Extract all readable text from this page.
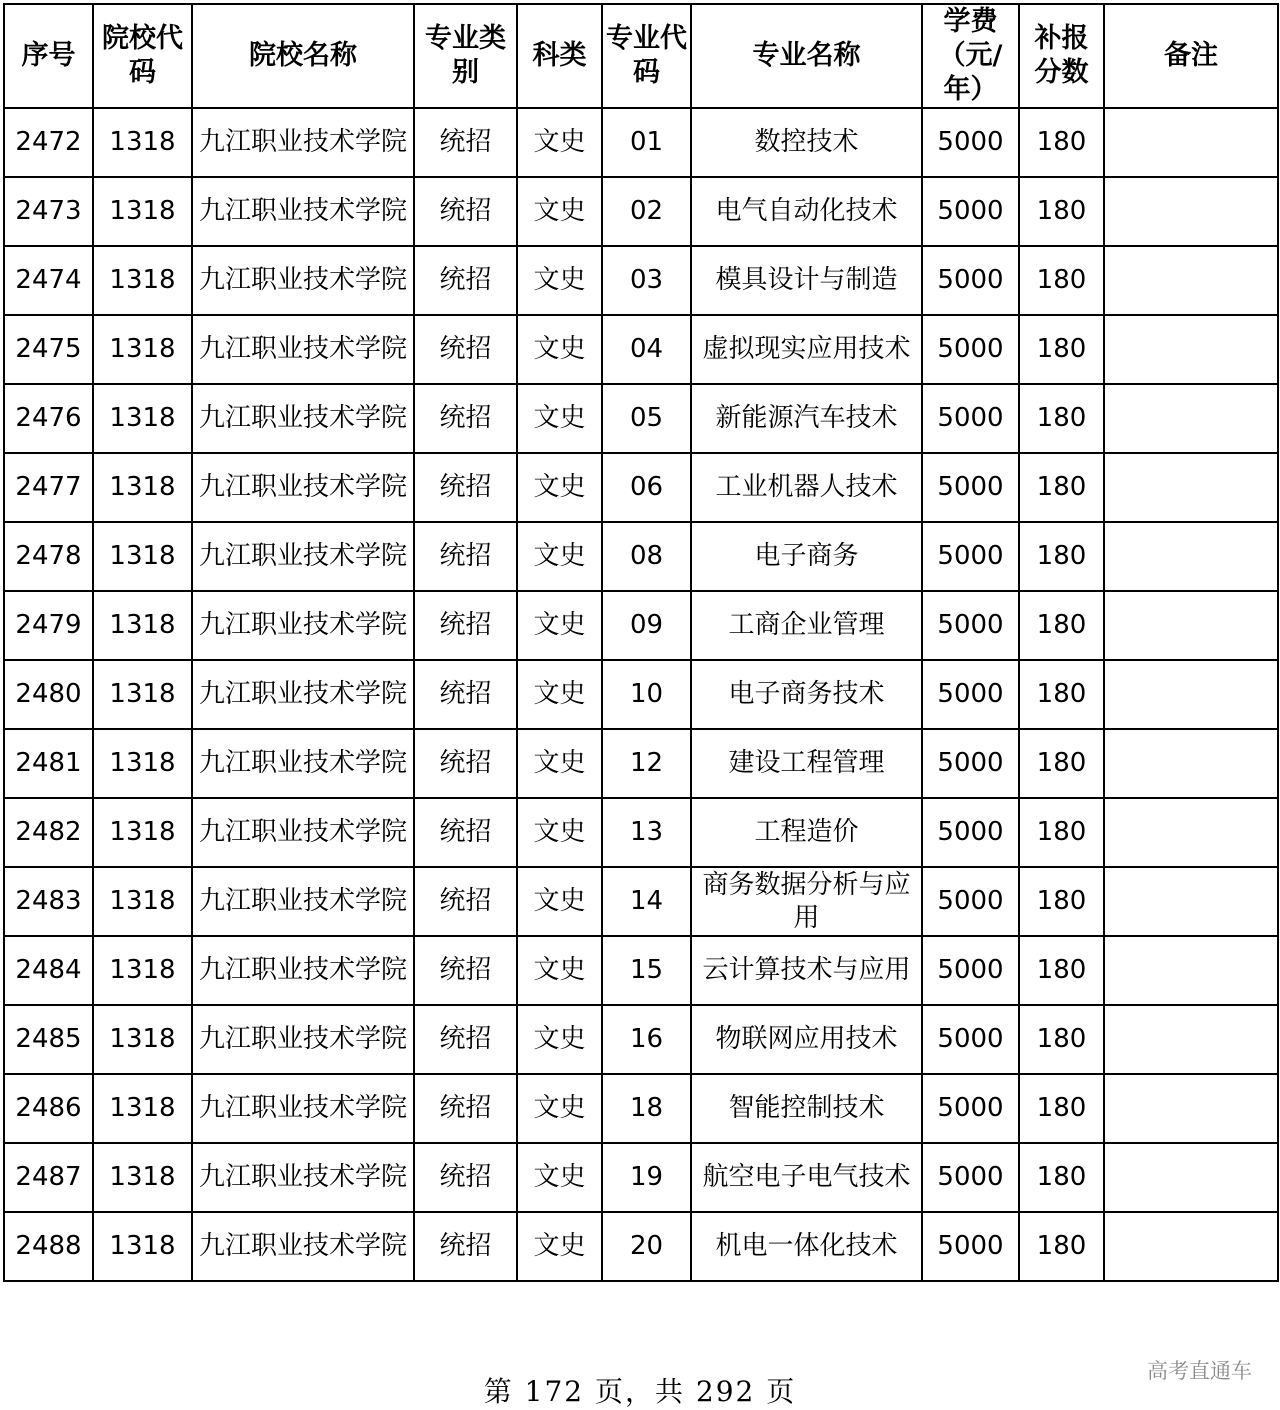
序号	院校代码	院校名称	专业类别	科类	专业代码	专业名称	学费（元/年）	补报分数	备注
2472	1318	九江职业技术学院	统招	文史	01	数控技术	5000	180	
2473	1318	九江职业技术学院	统招	文史	02	电气自动化技术	5000	180	
2474	1318	九江职业技术学院	统招	文史	03	模具设计与制造	5000	180	
2475	1318	九江职业技术学院	统招	文史	04	虚拟现实应用技术	5000	180	
2476	1318	九江职业技术学院	统招	文史	05	新能源汽车技术	5000	180	
2477	1318	九江职业技术学院	统招	文史	06	工业机器人技术	5000	180	
2478	1318	九江职业技术学院	统招	文史	08	电子商务	5000	180	
2479	1318	九江职业技术学院	统招	文史	09	工商企业管理	5000	180	
2480	1318	九江职业技术学院	统招	文史	10	电子商务技术	5000	180	
2481	1318	九江职业技术学院	统招	文史	12	建设工程管理	5000	180	
2482	1318	九江职业技术学院	统招	文史	13	工程造价	5000	180	
2483	1318	九江职业技术学院	统招	文史	14	商务数据分析与应用	5000	180	
2484	1318	九江职业技术学院	统招	文史	15	云计算技术与应用	5000	180	
2485	1318	九江职业技术学院	统招	文史	16	物联网应用技术	5000	180	
2486	1318	九江职业技术学院	统招	文史	18	智能控制技术	5000	180	
2487	1318	九江职业技术学院	统招	文史	19	航空电子电气技术	5000	180	
2488	1318	九江职业技术学院	统招	文史	20	机电一体化技术	5000	180	
第 172 页，共 292 页
高考直通车
